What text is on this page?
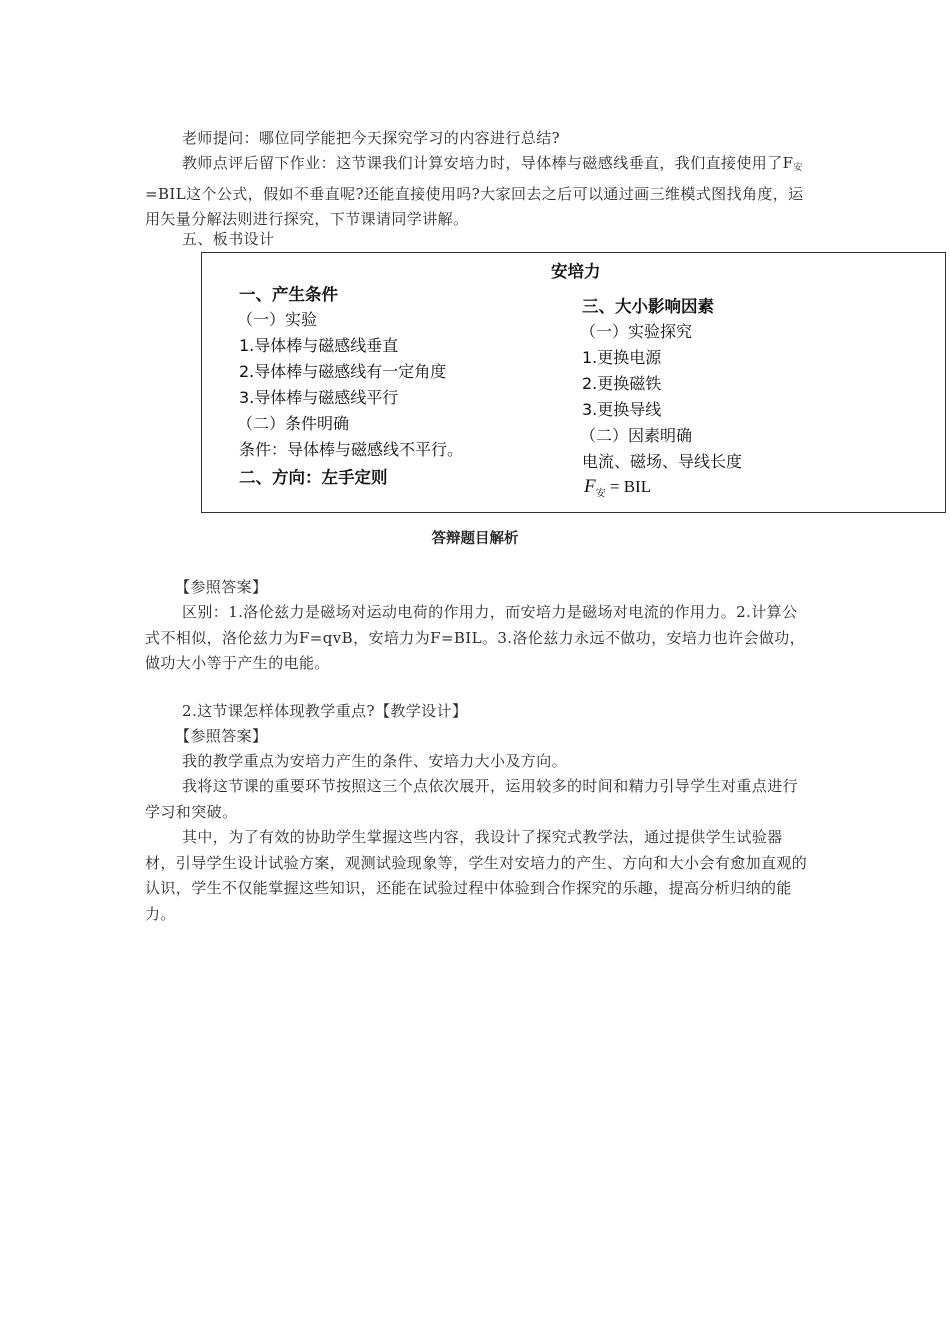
老师提问：哪位同学能把今天探究学习的内容进行总结?

教师点评后留下作业：这节课我们计算安培力时，导体棒与磁感线垂直，我们直接使用了$F_安=BIL$这个公式，假如不垂直呢?还能直接使用吗?大家回去之后可以通过画三维模式图找角度，运用矢量分解法则进行探究，下节课请同学讲解。

五、板书设计

安培力
一、产生条件
（一）实验
1.导体棒与磁感线垂直
2.导体棒与磁感线有一定角度
3.导体棒与磁感线平行
（二）条件明确
条件：导体棒与磁感线不平行。
二、方向：左手定则
三、大小影响因素
（一）实验探究
1.更换电源
2.更换磁铁
3.更换导线
（二）因素明确
电流、磁场、导线长度
$F_安$ = BIL
答辩题目解析

【参照答案】

区别：1.洛伦兹力是磁场对运动电荷的作用力，而安培力是磁场对电流的作用力。2.计算公式不相似，洛伦兹力为F=qvB，安培力为F=BIL。3.洛伦兹力永远不做功，安培力也许会做功，做功大小等于产生的电能。

2.这节课怎样体现教学重点?【教学设计】

【参照答案】

我的教学重点为安培力产生的条件、安培力大小及方向。

我将这节课的重要环节按照这三个点依次展开，运用较多的时间和精力引导学生对重点进行学习和突破。

其中，为了有效的协助学生掌握这些内容，我设计了探究式教学法，通过提供学生试验器材，引导学生设计试验方案，观测试验现象等，学生对安培力的产生、方向和大小会有愈加直观的认识，学生不仅能掌握这些知识，还能在试验过程中体验到合作探究的乐趣，提高分析归纳的能力。
